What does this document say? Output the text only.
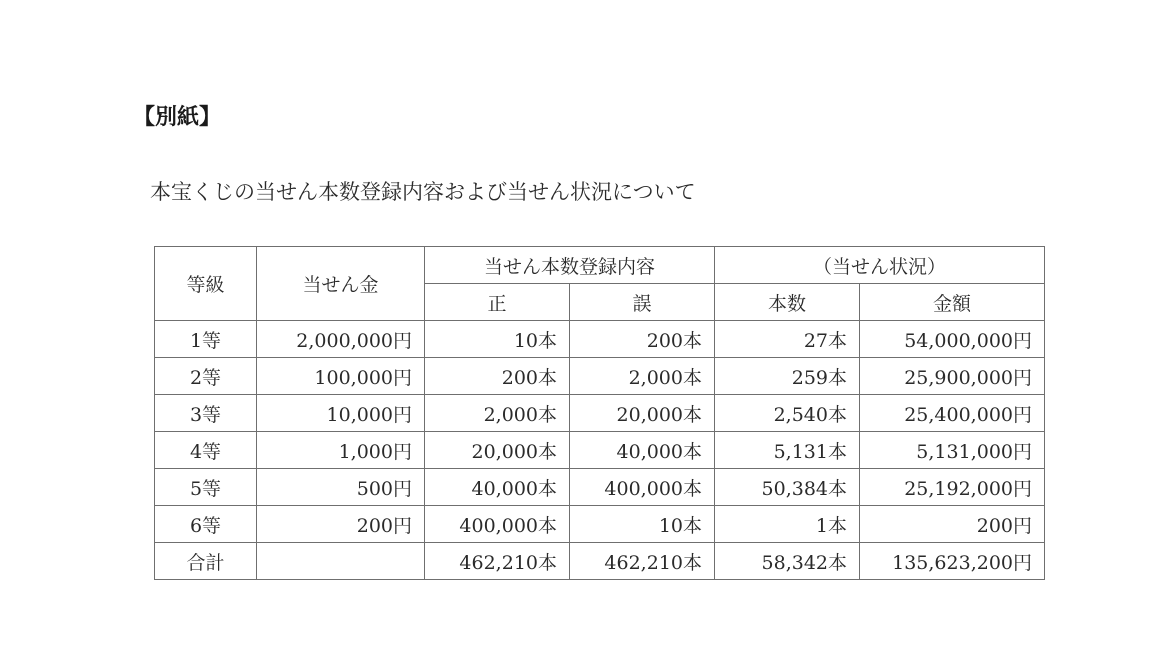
【別紙】
本宝くじの当せん本数登録内容および当せん状況について
等級	当せん金	当せん本数登録内容		（当せん状況）	
		正	誤	本数	金額
1等	2,000,000円	10本	200本	27本	54,000,000円
2等	100,000円	200本	2,000本	259本	25,900,000円
3等	10,000円	2,000本	20,000本	2,540本	25,400,000円
4等	1,000円	20,000本	40,000本	5,131本	5,131,000円
5等	500円	40,000本	400,000本	50,384本	25,192,000円
6等	200円	400,000本	10本	1本	200円
合計		462,210本	462,210本	58,342本	135,623,200円
